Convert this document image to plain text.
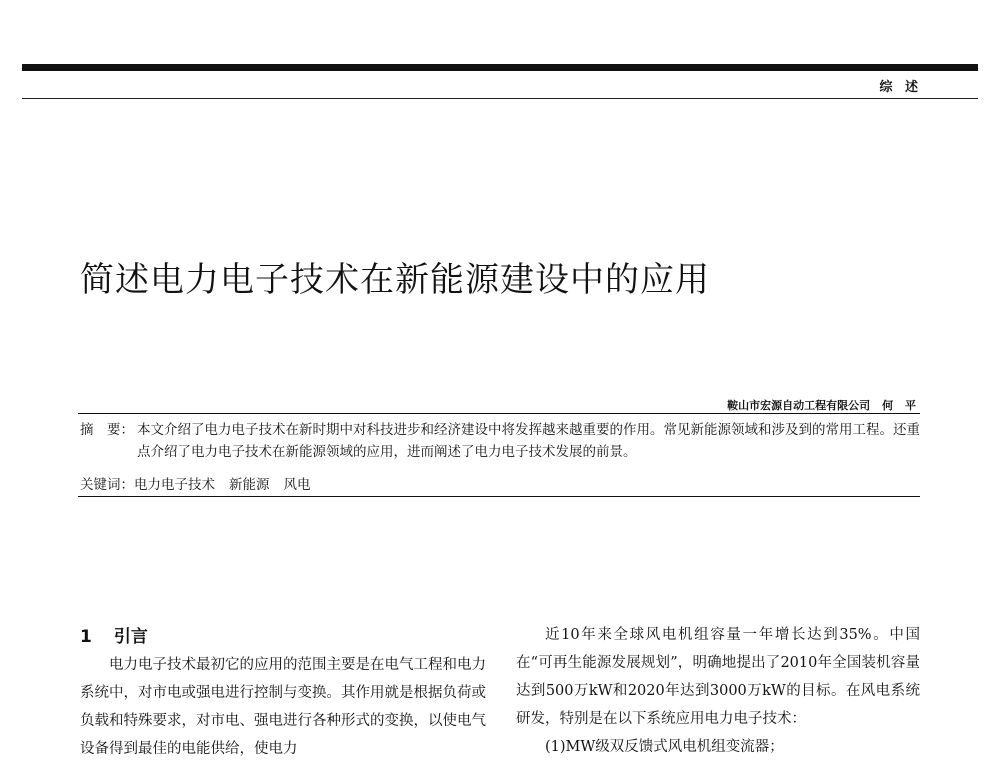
综 述
简述电力电子技术在新能源建设中的应用
鞍山市宏源自动工程有限公司 何 平
摘　要： 本文介绍了电力电子技术在新时期中对科技进步和经济建设中将发挥越来越重要的作用。常见新能源领域和涉及到的常用工程。还重点介绍了电力电子技术在新能源领域的应用，进而阐述了电力电子技术发展的前景。
关键词：电力电子技术 新能源 风电
1 引言

电力电子技术最初它的应用的范围主要是在电气工程和电力系统中，对市电或强电进行控制与变换。其作用就是根据负荷或负载和特殊要求，对市电、强电进行各种形式的变换，以使电气设备得到最佳的电能供给，使电力

近10年来全球风电机组容量一年增长达到35%。中国在“可再生能源发展规划”，明确地提出了2010年全国装机容量达到500万kW和2020年达到3000万kW的目标。在风电系统研发，特别是在以下系统应用电力电子技术：

(1)MW级双反馈式风电机组变流器；
